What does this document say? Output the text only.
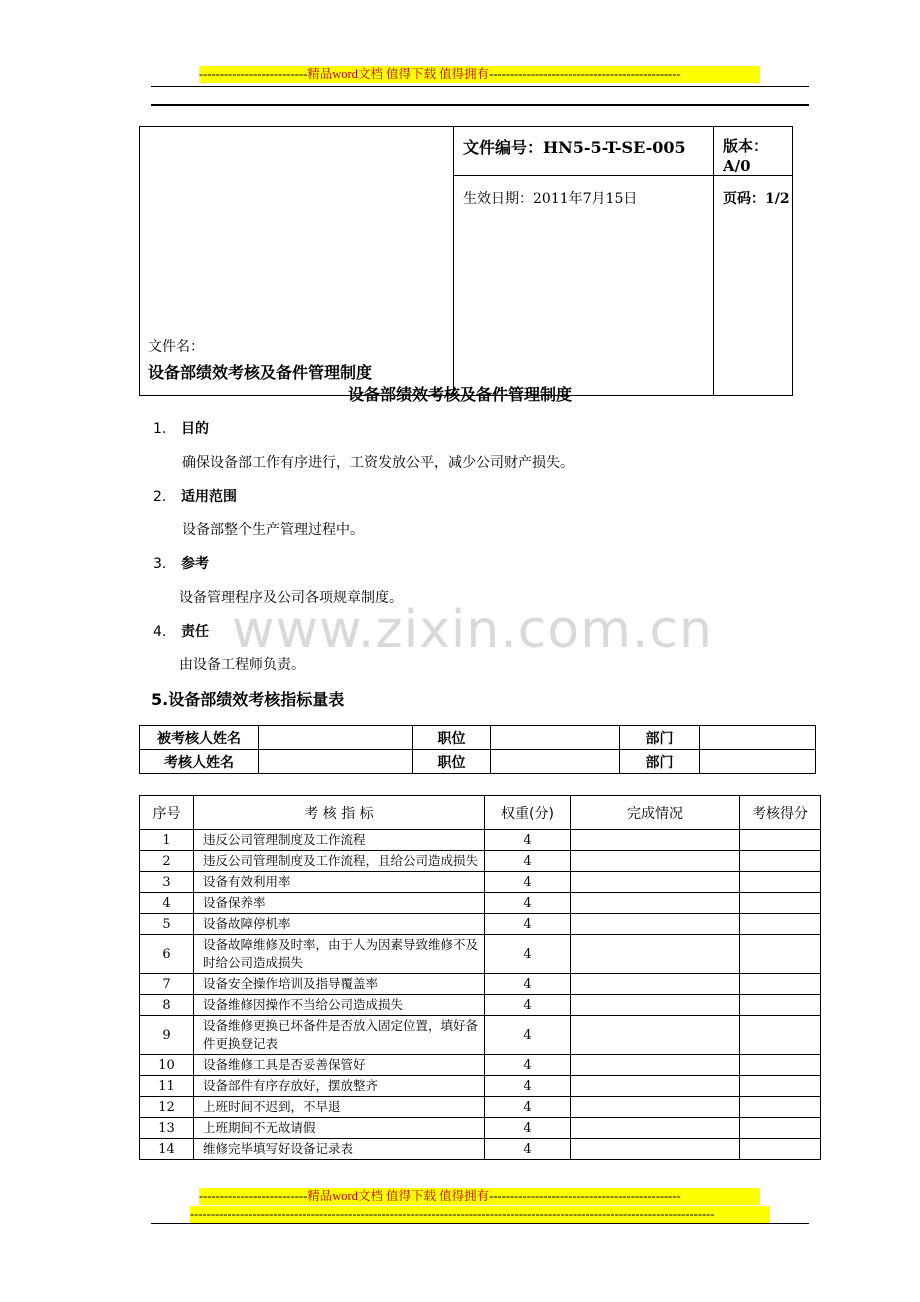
--------------------------精品word文档 值得下载 值得拥有----------------------------------------------
文件名：
设备部绩效考核及备件管理制度	文件编号：HN5-5-T-SE-005	版本：A/0
	生效日期：2011年7月15日	页码：1/2
设备部绩效考核及备件管理制度
1. 目的
确保设备部工作有序进行，工资发放公平，减少公司财产损失。
2. 适用范围
设备部整个生产管理过程中。
3. 参考
设备管理程序及公司各项规章制度。
4. 责任
由设备工程师负责。
www.zixin.com.cn
5.设备部绩效考核指标量表
被考核人姓名		职位		部门	
考核人姓名		职位		部门	
序号	考 核 指 标	权重(分)	完成情况	考核得分
1	违反公司管理制度及工作流程	4		
2	违反公司管理制度及工作流程，且给公司造成损失	4		
3	设备有效利用率	4		
4	设备保养率	4		
5	设备故障停机率	4		
6	设备故障维修及时率，由于人为因素导致维修不及时给公司造成损失	4		
7	设备安全操作培训及指导覆盖率	4		
8	设备维修因操作不当给公司造成损失	4		
9	设备维修更换已坏备件是否放入固定位置，填好备件更换登记表	4		
10	设备维修工具是否妥善保管好	4		
11	设备部件有序存放好，摆放整齐	4		
12	上班时间不迟到，不早退	4		
13	上班期间不无故请假	4		
14	维修完毕填写好设备记录表	4		
--------------------------精品word文档 值得下载 值得拥有----------------------------------------------
------------------------------------------------------------------------------------------------------------------------------
